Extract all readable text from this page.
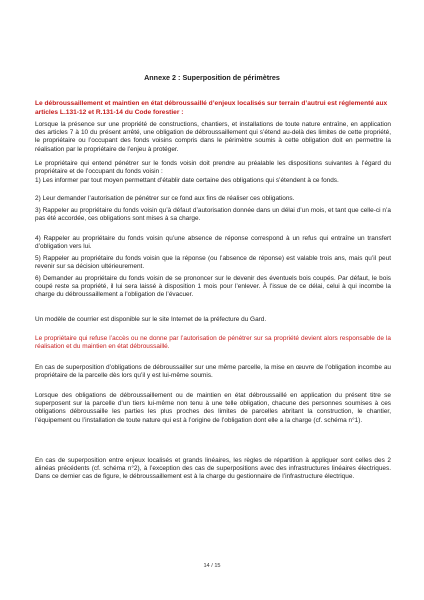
Annexe 2 : Superposition de périmètres

Le débroussaillement et maintien en état débroussaillé d’enjeux localisés sur terrain d’autrui est réglementé aux articles L.131-12 et R.131-14 du Code forestier :

Lorsque la présence sur une propriété de constructions, chantiers, et installations de toute nature entraîne, en application des articles 7 à 10 du présent arrêté, une obligation de débroussaillement qui s’étend au-delà des limites de cette propriété, le propriétaire ou l’occupant des fonds voisins compris dans le périmètre soumis à cette obligation doit en permettre la réalisation par le propriétaire de l’enjeu à protéger.

Le propriétaire qui entend pénétrer sur le fonds voisin doit prendre au préalable les dispositions suivantes à l’égard du propriétaire et de l’occupant du fonds voisin :

1) Les informer par tout moyen permettant d’établir date certaine des obligations qui s’étendent à ce fonds.

2) Leur demander l’autorisation de pénétrer sur ce fond aux fins de réaliser ces obligations.

3) Rappeler au propriétaire du fonds voisin qu’à défaut d’autorisation donnée dans un délai d’un mois, et tant que celle-ci n’a pas été accordée, ces obligations sont mises à sa charge.

4) Rappeler au propriétaire du fonds voisin qu’une absence de réponse correspond à un refus qui entraîne un transfert d’obligation vers lui.

5) Rappeler au propriétaire du fonds voisin que la réponse (ou l’absence de réponse) est valable trois ans, mais qu’il peut revenir sur sa décision ultérieurement.

6) Demander au propriétaire du fonds voisin de se prononcer sur le devenir des éventuels bois coupés. Par défaut, le bois coupé reste sa propriété, il lui sera laissé à disposition 1 mois pour l’enlever. À l’issue de ce délai, celui à qui incombe la charge du débroussaillement a l’obligation de l’évacuer.

Un modèle de courrier est disponible sur le site Internet de la préfecture du Gard.

Le propriétaire qui refuse l’accès ou ne donne par l’autorisation de pénétrer sur sa propriété devient alors responsable de la réalisation et du maintien en état débroussaillé.

En cas de superposition d’obligations de débroussailler sur une même parcelle, la mise en œuvre de l’obligation incombe au propriétaire de la parcelle dès lors qu’il y est lui-même soumis.

Lorsque des obligations de débroussaillement ou de maintien en état débroussaillé en application du présent titre se superposent sur la parcelle d’un tiers lui-même non tenu à une telle obligation, chacune des personnes soumises à ces obligations débroussaille les parties les plus proches des limites de parcelles abritant la construction, le chantier, l’équipement ou l’installation de toute nature qui est à l’origine de l’obligation dont elle a la charge (cf. schéma n°1).

En cas de superposition entre enjeux localisés et grands linéaires, les règles de répartition à appliquer sont celles des 2 alinéas précédents (cf. schéma n°2), à l’exception des cas de superpositions avec des infrastructures linéaires électriques. Dans ce dernier cas de figure, le débroussaillement est à la charge du gestionnaire de l’infrastructure électrique.

14 / 15
